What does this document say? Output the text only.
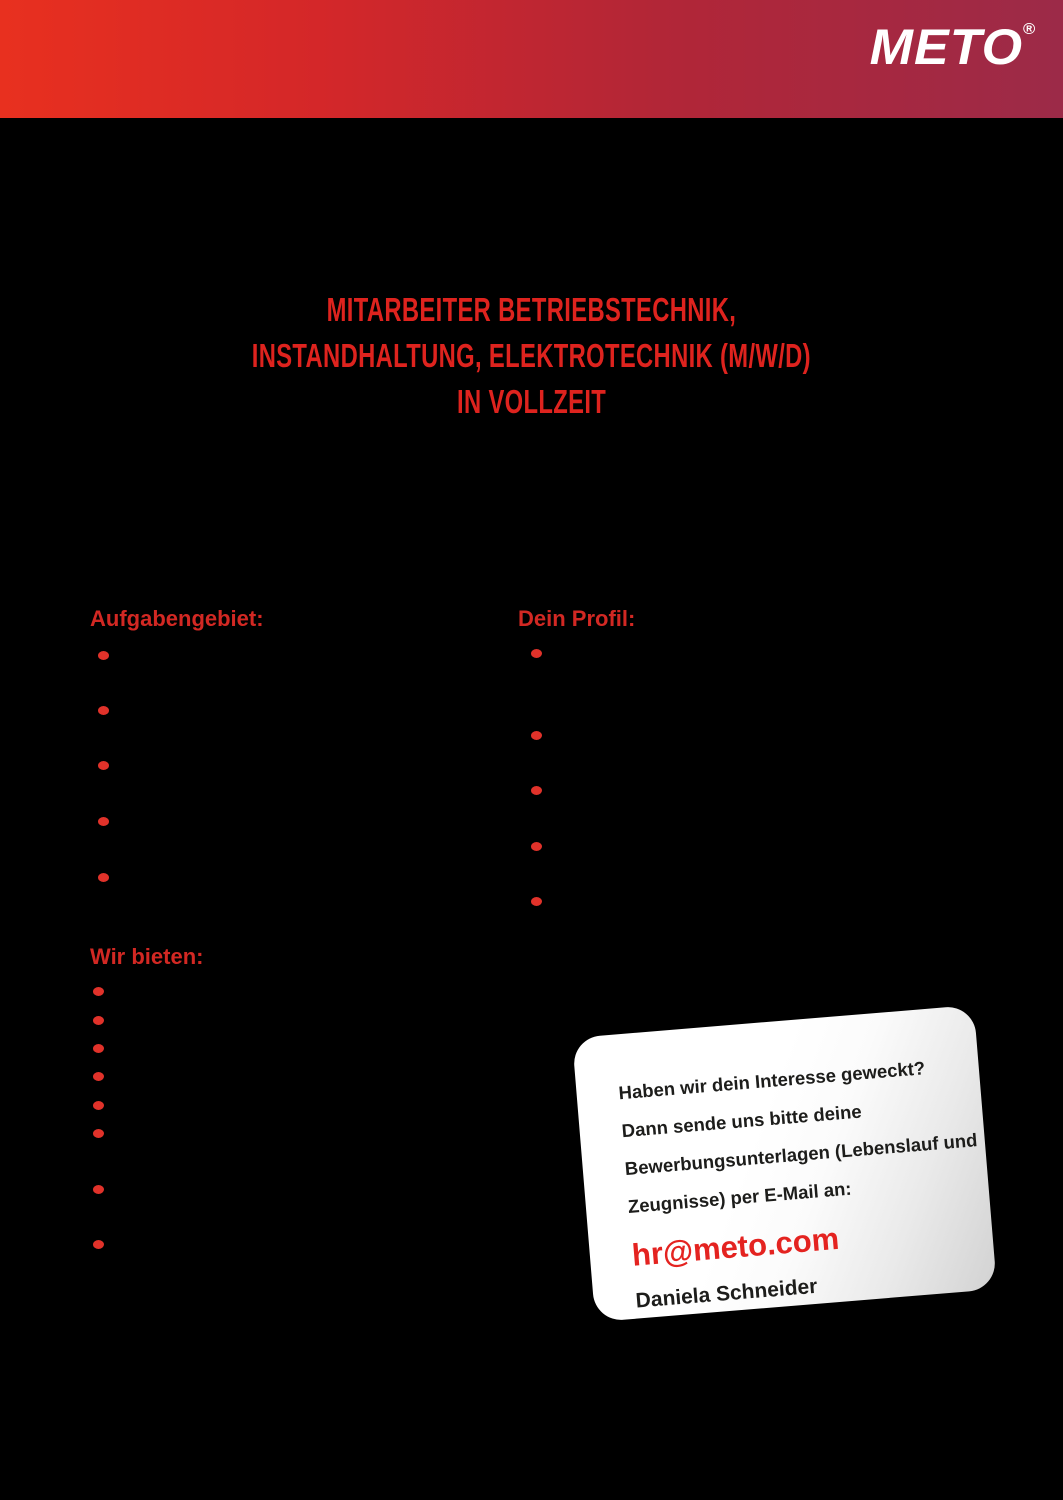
METO®
MITARBEITER BETRIEBSTECHNIK,
INSTANDHALTUNG, ELEKTROTECHNIK (M/W/D)
IN VOLLZEIT
Aufgabengebiet:	Dein Profil:
Wir bieten:
Haben wir dein Interesse geweckt?
Dann sende uns bitte deine
Bewerbungsunterlagen (Lebenslauf und
Zeugnisse) per E-Mail an:
hr@meto.com
Daniela Schneider
